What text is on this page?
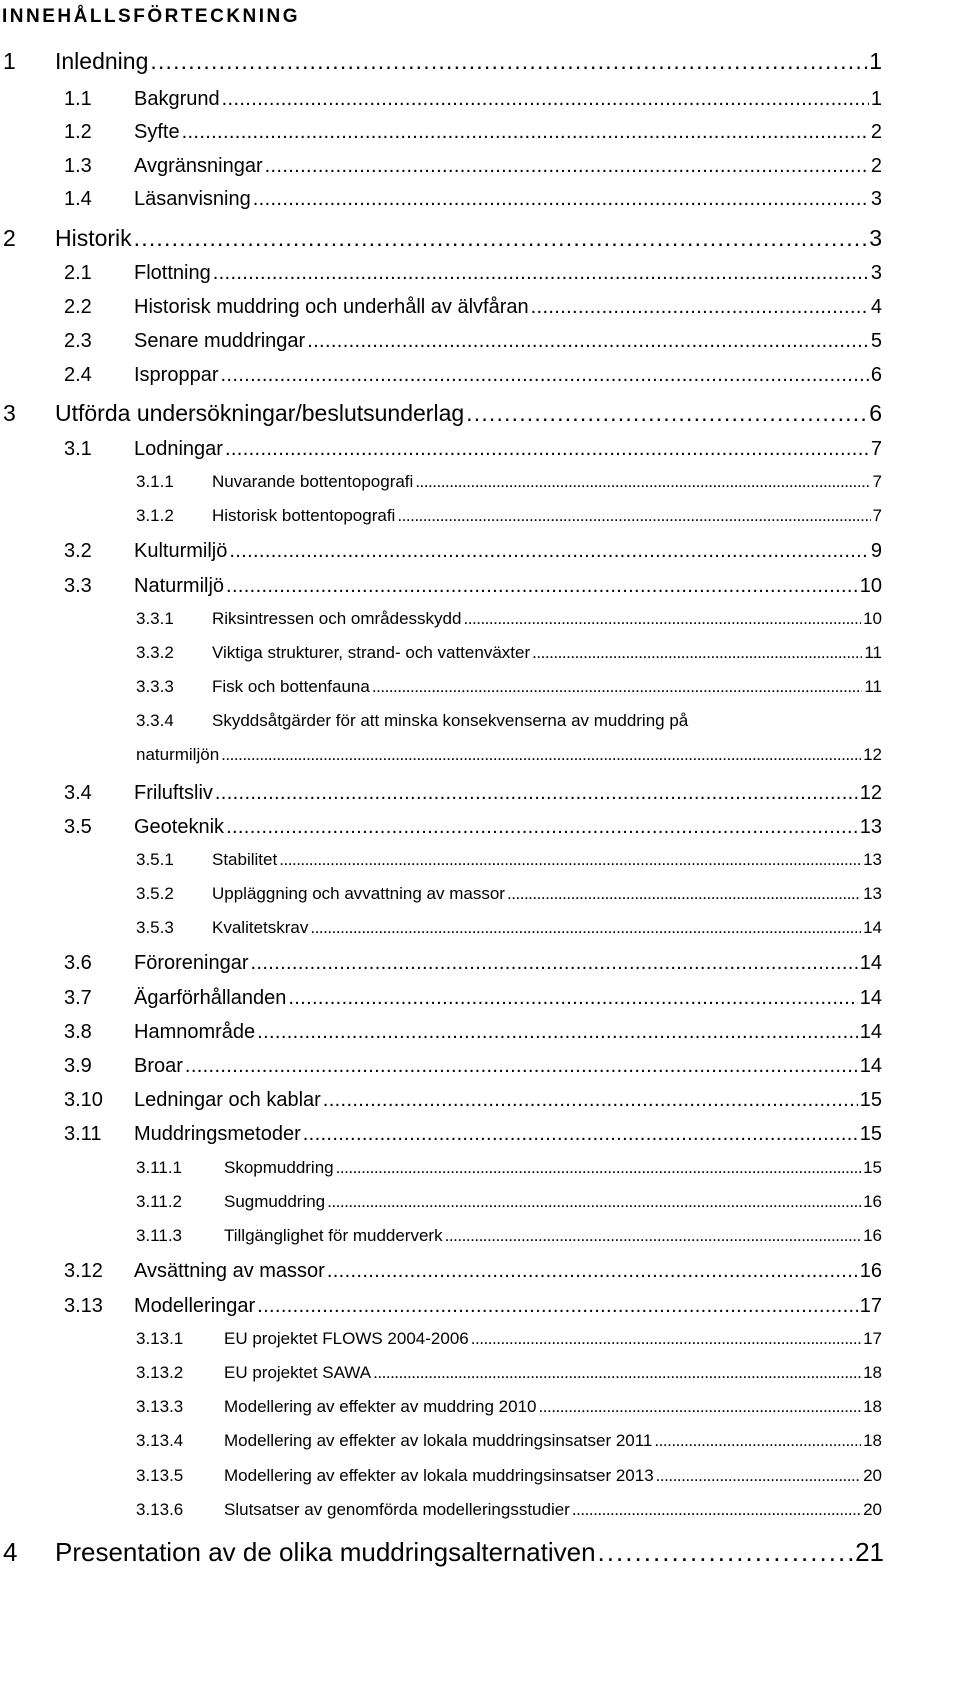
INNEHÅLLSFÖRTECKNING
1	Inledning . . .	1
1.1	Bakgrund . . .	1
1.2	Syfte . . .	2
1.3	Avgränsningar . . .	2
1.4	Läsanvisning . . .	3
2	Historik . . .	3
2.1	Flottning . . .	3
2.2	Historisk muddring och underhåll av älvfåran . . .	4
2.3	Senare muddringar . . .	5
2.4	Isproppar . . .	6
3	Utförda undersökningar/beslutsunderlag . . .	6
3.1	Lodningar . . .	7
3.1.1	Nuvarande bottentopografi . . .	7
3.1.2	Historisk bottentopografi . . .	7
3.2	Kulturmiljö . . .	9
3.3	Naturmiljö . . .	10
3.3.1	Riksintressen och områdesskydd . . .	10
3.3.2	Viktiga strukturer, strand- och vattenväxter . . .	11
3.3.3	Fisk och bottenfauna . . .	11
3.3.4	Skyddsåtgärder för att minska konsekvenserna av muddring på
naturmiljön . . .	12
3.4	Friluftsliv . . .	12
3.5	Geoteknik . . .	13
3.5.1	Stabilitet . . .	13
3.5.2	Uppläggning och avvattning av massor . . .	13
3.5.3	Kvalitetskrav . . .	14
3.6	Föroreningar . . .	14
3.7	Ägarförhållanden . . .	14
3.8	Hamnområde . . .	14
3.9	Broar . . .	14
3.10	Ledningar och kablar . . .	15
3.11	Muddringsmetoder . . .	15
3.11.1	Skopmuddring . . .	15
3.11.2	Sugmuddring . . .	16
3.11.3	Tillgänglighet för mudderverk . . .	16
3.12	Avsättning av massor . . .	16
3.13	Modelleringar . . .	17
3.13.1	EU projektet FLOWS 2004-2006 . . .	17
3.13.2	EU projektet SAWA . . .	18
3.13.3	Modellering av effekter av muddring 2010 . . .	18
3.13.4	Modellering av effekter av lokala muddringsinsatser 2011 . . .	18
3.13.5	Modellering av effekter av lokala muddringsinsatser 2013 . . .	20
3.13.6	Slutsatser av genomförda modelleringsstudier . . .	20
4	Presentation av de olika muddringsalternativen . . .	21
